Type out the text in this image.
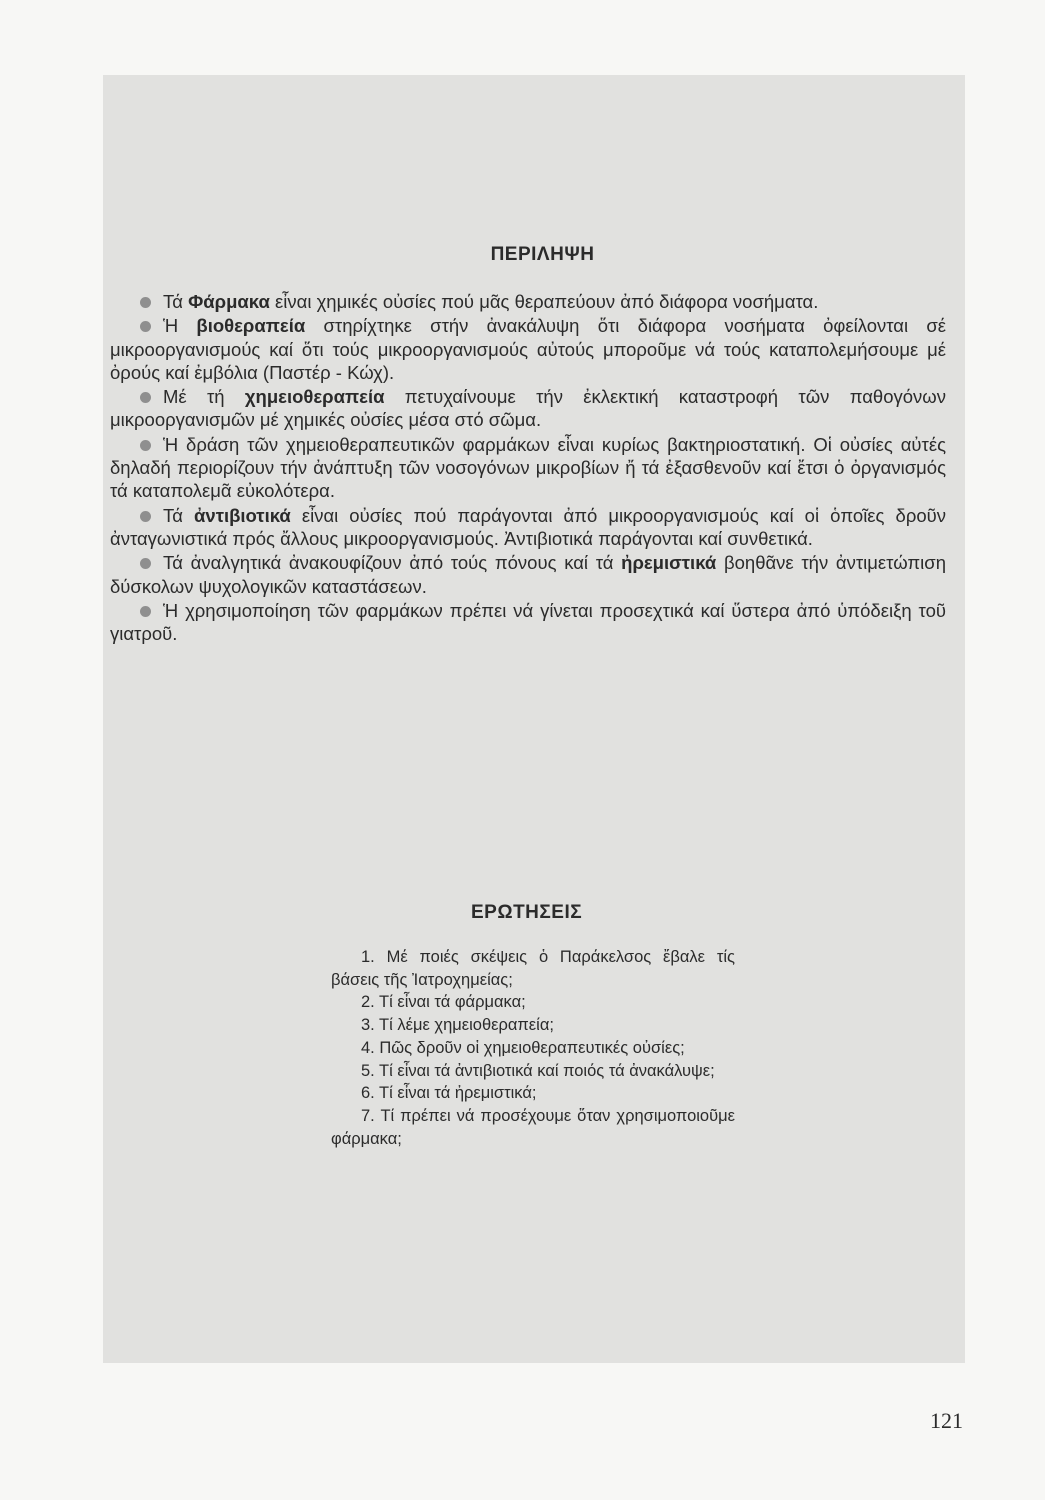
ΠΕΡΙΛΗΨΗ

Τά Φάρμακα εἶναι χημικές οὐσίες πού μᾶς θεραπεύουν ἀπό διάφορα νοσήματα.

Ἡ βιοθεραπεία στηρίχτηκε στήν ἀνακάλυψη ὅτι διάφορα νοσήματα ὀφείλονται σέ μικροοργανισμούς καί ὅτι τούς μικροοργανισμούς αὐτούς μποροῦμε νά τούς καταπολεμήσουμε μέ ὀρούς καί ἐμβόλια (Παστέρ - Κώχ).

Μέ τή χημειοθεραπεία πετυχαίνουμε τήν ἐκλεκτική καταστροφή τῶν παθογόνων μικροοργανισμῶν μέ χημικές οὐσίες μέσα στό σῶμα.

Ἡ δράση τῶν χημειοθεραπευτικῶν φαρμάκων εἶναι κυρίως βακτηριοστατική. Οἱ οὐσίες αὐτές δηλαδή περιορίζουν τήν ἀνάπτυξη τῶν νοσογόνων μικροβίων ἤ τά ἐξασθενοῦν καί ἔτσι ὁ ὀργανισμός τά καταπολεμᾶ εὐκολότερα.

Τά ἀντιβιοτικά εἶναι οὐσίες πού παράγονται ἀπό μικροοργανισμούς καί οἱ ὁποῖες δροῦν ἀνταγωνιστικά πρός ἄλλους μικροοργανισμούς. Ἀντιβιοτικά παράγονται καί συνθετικά.

Τά ἀναλγητικά ἀνακουφίζουν ἀπό τούς πόνους καί τά ἠρεμιστικά βοηθᾶνε τήν ἀντιμετώπιση δύσκολων ψυχολογικῶν καταστάσεων.

Ἡ χρησιμοποίηση τῶν φαρμάκων πρέπει νά γίνεται προσεχτικά καί ὕστερα ἀπό ὑπόδειξη τοῦ γιατροῦ.

ΕΡΩΤΗΣΕΙΣ

1. Μέ ποιές σκέψεις ὁ Παράκελσος ἔβαλε τίς βάσεις τῆς Ἰατροχημείας;

2. Τί εἶναι τά φάρμακα;

3. Τί λέμε χημειοθεραπεία;

4. Πῶς δροῦν οἱ χημειοθεραπευτικές οὐσίες;

5. Τί εἶναι τά ἀντιβιοτικά καί ποιός τά ἀνακάλυψε;

6. Τί εἶναι τά ἠρεμιστικά;

7. Τί πρέπει νά προσέχουμε ὅταν χρησιμοποιοῦμε φάρμακα;

121
